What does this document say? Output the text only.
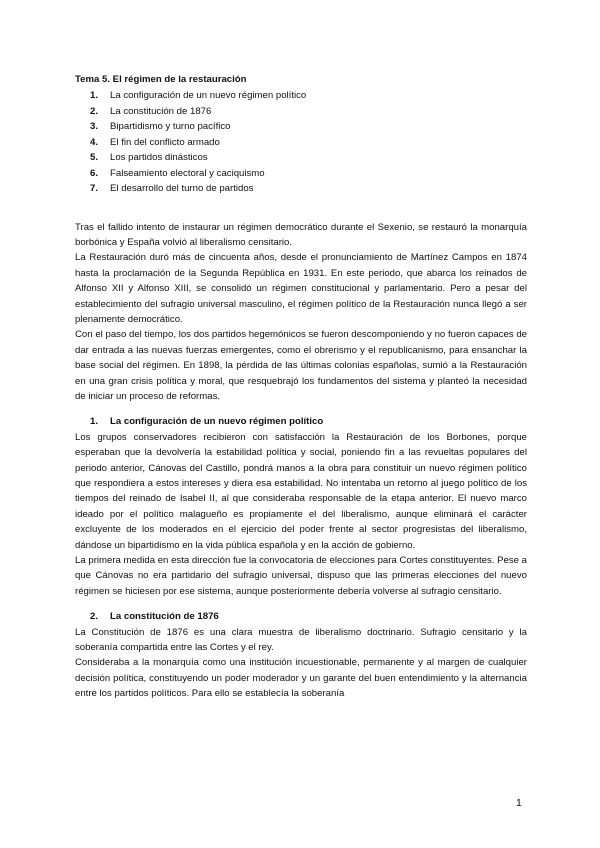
Tema 5. El régimen de la restauración

1.	La configuración de un nuevo régimen político
2.	La constitución de 1876
3.	Bipartidismo y turno pacífico
4.	El fin del conflicto armado
5.	Los partidos dinásticos
6.	Falseamiento electoral y caciquismo
7.	El desarrollo del turno de partidos

Tras el fallido intento de instaurar un régimen democrático durante el Sexenio, se restauró la monarquía borbónica y España volvió al liberalismo censitario.

La Restauración duró más de cincuenta años, desde el pronunciamiento de Martínez Campos en 1874 hasta la proclamación de la Segunda República en 1931. En este periodo, que abarca los reinados de Alfonso XII y Alfonso XIII, se consolidó un régimen constitucional y parlamentario. Pero a pesar del establecimiento del sufragio universal masculino, el régimen político de la Restauración nunca llegó a ser plenamente democrático.

Con el paso del tiempo, los dos partidos hegemónicos se fueron descomponiendo y no fueron capaces de dar entrada a las nuevas fuerzas emergentes, como el obrerismo y el republicanismo, para ensanchar la base social del régimen. En 1898, la pérdida de las últimas colonias españolas, sumió a la Restauración en una gran crisis política y moral, que resquebrajó los fundamentos del sistema y planteó la necesidad de iniciar un proceso de reformas.

1.	La configuración de un nuevo régimen político

Los grupos conservadores recibieron con satisfacción la Restauración de los Borbones, porque esperaban que la devolvería la estabilidad política y social, poniendo fin a las revueltas populares del periodo anterior, Cánovas del Castillo, pondrá manos a la obra para constituir un nuevo régimen político que respondiera a estos intereses y diera esa estabilidad. No intentaba un retorno al juego político de los tiempos del reinado de Isabel II, al que consideraba responsable de la etapa anterior. El nuevo marco ideado por el político malagueño es propiamente el del liberalismo, aunque eliminará el carácter excluyente de los moderados en el ejercicio del poder frente al sector progresistas del liberalismo, dándose un bipartidismo en la vida pública española y en la acción de gobierno.

La primera medida en esta dirección fue la convocatoria de elecciones para Cortes constituyentes. Pese a que Cánovas no era partidario del sufragio universal, dispuso que las primeras elecciones del nuevo régimen se hiciesen por ese sistema, aunque posteriormente debería volverse al sufragio censitario.

2.	La constitución de 1876

La Constitución de 1876 es una clara muestra de liberalismo doctrinario. Sufragio censitario y la soberanía compartida entre las Cortes y el rey.

Consideraba a la monarquía como una institución incuestionable, permanente y al margen de cualquier decisión política, constituyendo un poder moderador y un garante del buen entendimiento y la alternancia entre los partidos políticos. Para ello se establecía la soberanía

1
